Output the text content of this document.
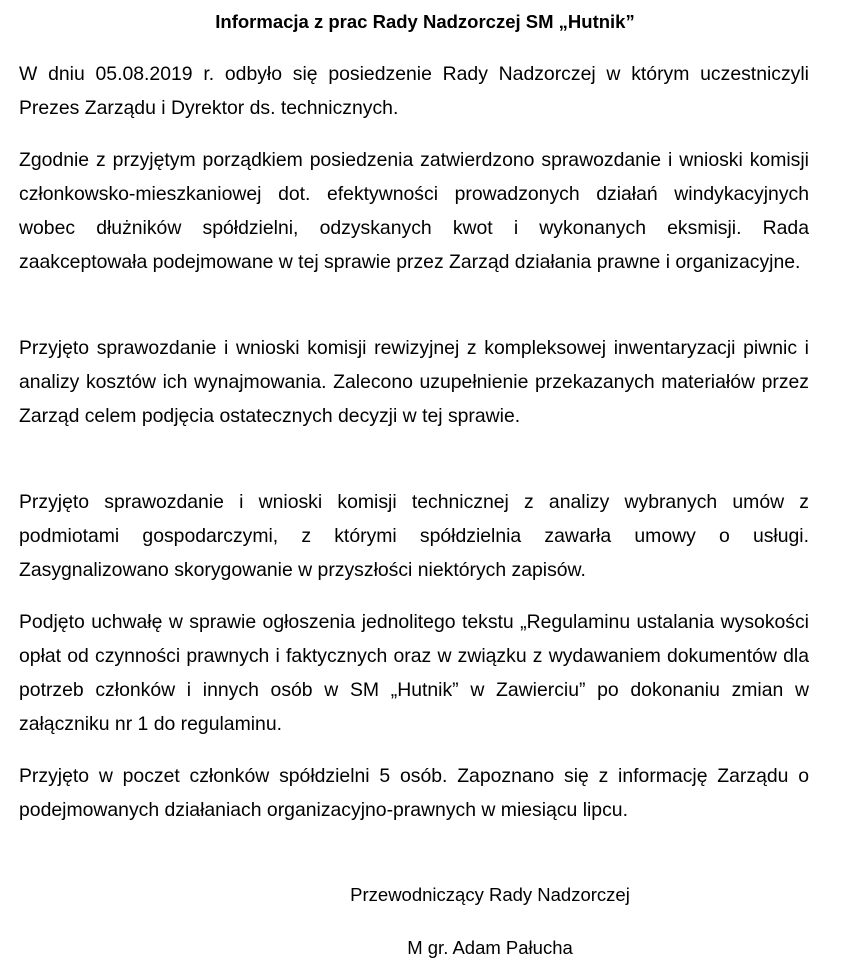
Informacja z prac Rady Nadzorczej SM „Hutnik”

W dniu 05.08.2019 r. odbyło się posiedzenie Rady Nadzorczej w którym uczestniczyli Prezes Zarządu i Dyrektor ds. technicznych.

Zgodnie z przyjętym porządkiem posiedzenia zatwierdzono sprawozdanie i wnioski komisji członkowsko-mieszkaniowej dot. efektywności prowadzonych działań windykacyjnych wobec dłużników spółdzielni, odzyskanych kwot i wykonanych eksmisji. Rada zaakceptowała podejmowane w tej sprawie przez Zarząd działania prawne i organizacyjne.

Przyjęto sprawozdanie i wnioski komisji rewizyjnej z kompleksowej inwentaryzacji piwnic i analizy kosztów ich wynajmowania. Zalecono uzupełnienie przekazanych materiałów przez Zarząd celem podjęcia ostatecznych decyzji w tej sprawie.

Przyjęto sprawozdanie i wnioski komisji technicznej z analizy wybranych umów z podmiotami gospodarczymi, z którymi spółdzielnia zawarła umowy o usługi. Zasygnalizowano skorygowanie w przyszłości niektórych zapisów.

Podjęto uchwałę w sprawie ogłoszenia jednolitego tekstu „Regulaminu ustalania wysokości opłat od czynności prawnych i faktycznych oraz w związku z wydawaniem dokumentów dla potrzeb członków i innych osób w SM „Hutnik” w Zawierciu” po dokonaniu zmian w załączniku nr 1 do regulaminu.

Przyjęto w poczet członków spółdzielni 5 osób. Zapoznano się z informację Zarządu o podejmowanych działaniach organizacyjno-prawnych w miesiącu lipcu.

Przewodniczący Rady Nadzorczej

M gr. Adam Pałucha
